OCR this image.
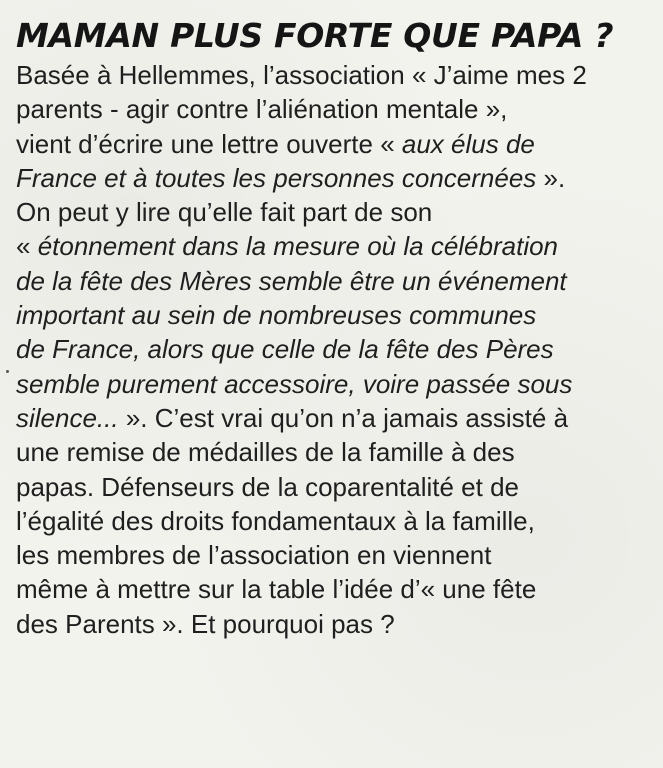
MAMAN PLUS FORTE QUE PAPA ?

Basée à Hellemmes, l’association « J’aime mes 2
parents - agir contre l’aliénation mentale »,
vient d’écrire une lettre ouverte « aux élus de
France et à toutes les personnes concernées ».
On peut y lire qu’elle fait part de son
« étonnement dans la mesure où la célébration
de la fête des Mères semble être un événement
important au sein de nombreuses communes
de France, alors que celle de la fête des Pères
semble purement accessoire, voire passée sous
silence... ». C’est vrai qu’on n’a jamais assisté à
une remise de médailles de la famille à des
papas. Défenseurs de la coparentalité et de
l’égalité des droits fondamentaux à la famille,
les membres de l’association en viennent
même à mettre sur la table l’idée d’« une fête
des Parents ». Et pourquoi pas ?
